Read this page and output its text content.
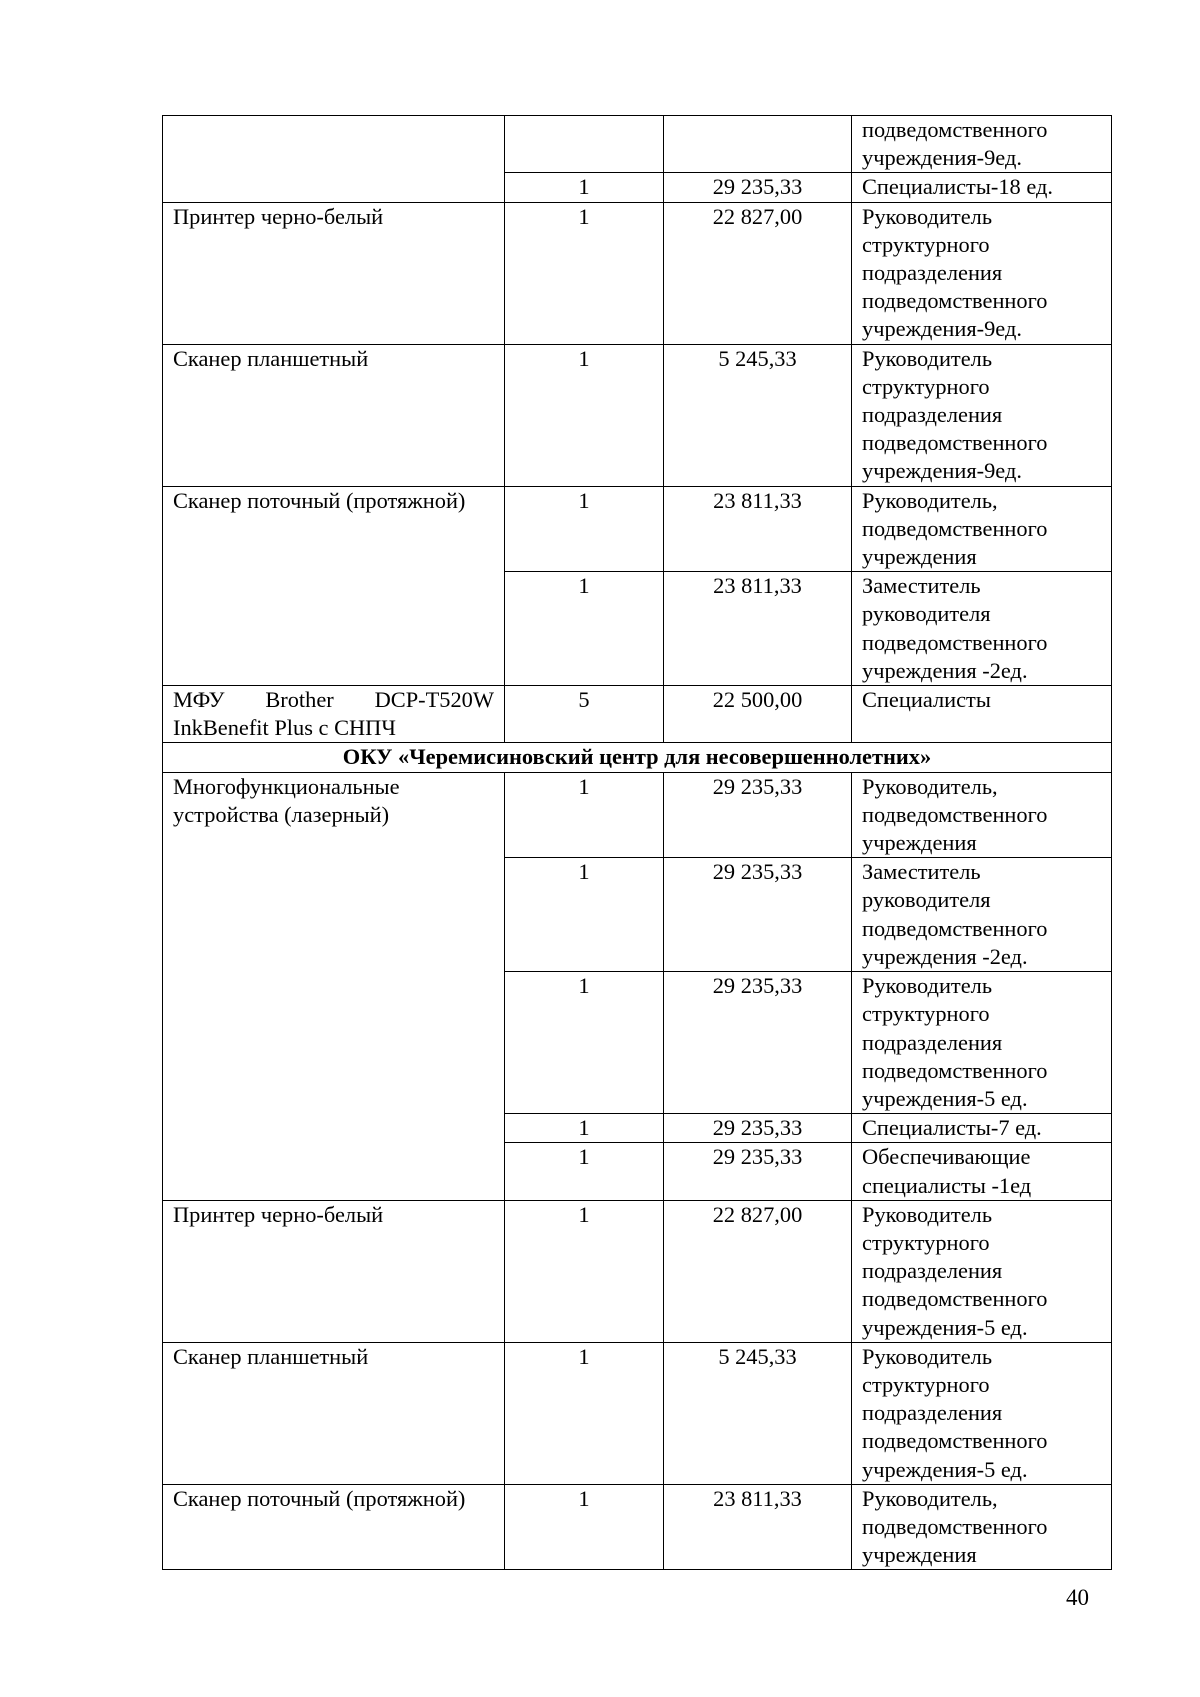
			подведомственного учреждения-9ед.
	1	29 235,33	Специалисты-18 ед.
Принтер черно-белый	1	22 827,00	Руководитель структурного подразделения подведомственного учреждения-9ед.
Сканер планшетный	1	5 245,33	Руководитель структурного подразделения подведомственного учреждения-9ед.
Сканер поточный (протяжной)	1	23 811,33	Руководитель, подведомственного учреждения
	1	23 811,33	Заместитель руководителя подведомственного учреждения -2ед.
МФУ Brother DCP-T520W InkBenefit Plus с СНПЧ	5	22 500,00	Специалисты
ОКУ «Черемисиновский центр для несовершеннолетних»			
Многофункциональные устройства (лазерный)	1	29 235,33	Руководитель, подведомственного учреждения
	1	29 235,33	Заместитель руководителя подведомственного учреждения -2ед.
	1	29 235,33	Руководитель структурного подразделения подведомственного учреждения-5 ед.
	1	29 235,33	Специалисты-7 ед.
	1	29 235,33	Обеспечивающие специалисты -1ед
Принтер черно-белый	1	22 827,00	Руководитель структурного подразделения подведомственного учреждения-5 ед.
Сканер планшетный	1	5 245,33	Руководитель структурного подразделения подведомственного учреждения-5 ед.
Сканер поточный (протяжной)	1	23 811,33	Руководитель, подведомственного учреждения
40
